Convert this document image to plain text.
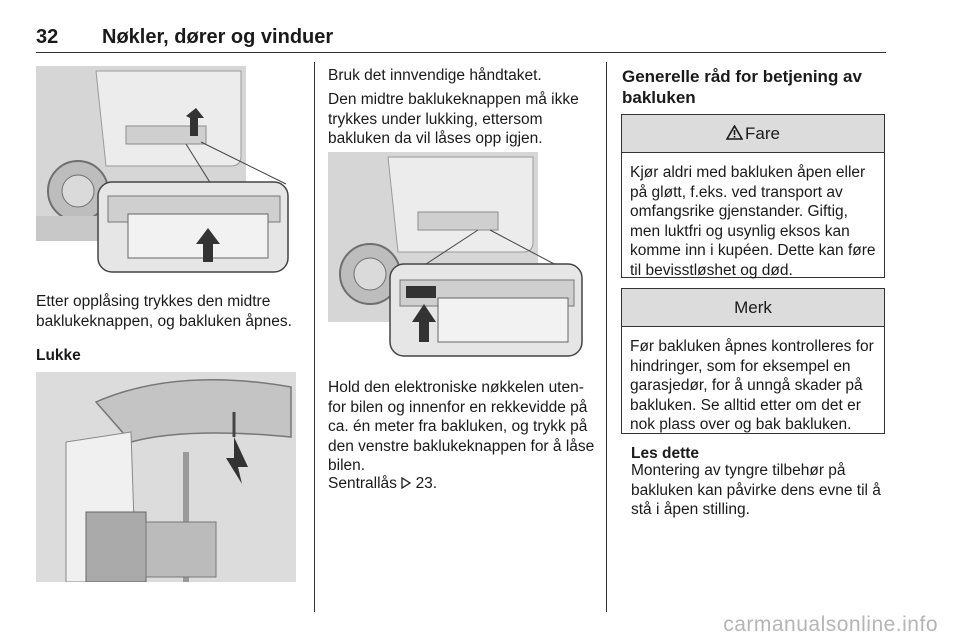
32 Nøkler, dører og vinduer
Etter opplåsing trykkes den midtre baklukeknappen, og bakluken åpnes.
Lukke
Bruk det innvendige håndtaket.
Den midtre baklukeknappen må ikke trykkes under lukking, ettersom bakluken da vil låses opp igjen.
Hold den elektroniske nøkkelen uten-for bilen og innenfor en rekkevidde på ca. én meter fra bakluken, og trykk på den venstre baklukeknappen for å låse bilen.
Sentrallås 23.
Generelle råd for betjening av bakluken
Fare
Kjør aldri med bakluken åpen eller på gløtt, f.eks. ved transport av omfangsrike gjenstander. Giftig, men luktfri og usynlig eksos kan komme inn i kupéen. Dette kan føre til bevisstløshet og død.
Merk
Før bakluken åpnes kontrolleres for hindringer, som for eksempel en garasjedør, for å unngå skader på bakluken. Se alltid etter om det er nok plass over og bak bakluken.
Les dette
Montering av tyngre tilbehør på bakluken kan påvirke dens evne til å stå i åpen stilling.
carmanualsonline.info
